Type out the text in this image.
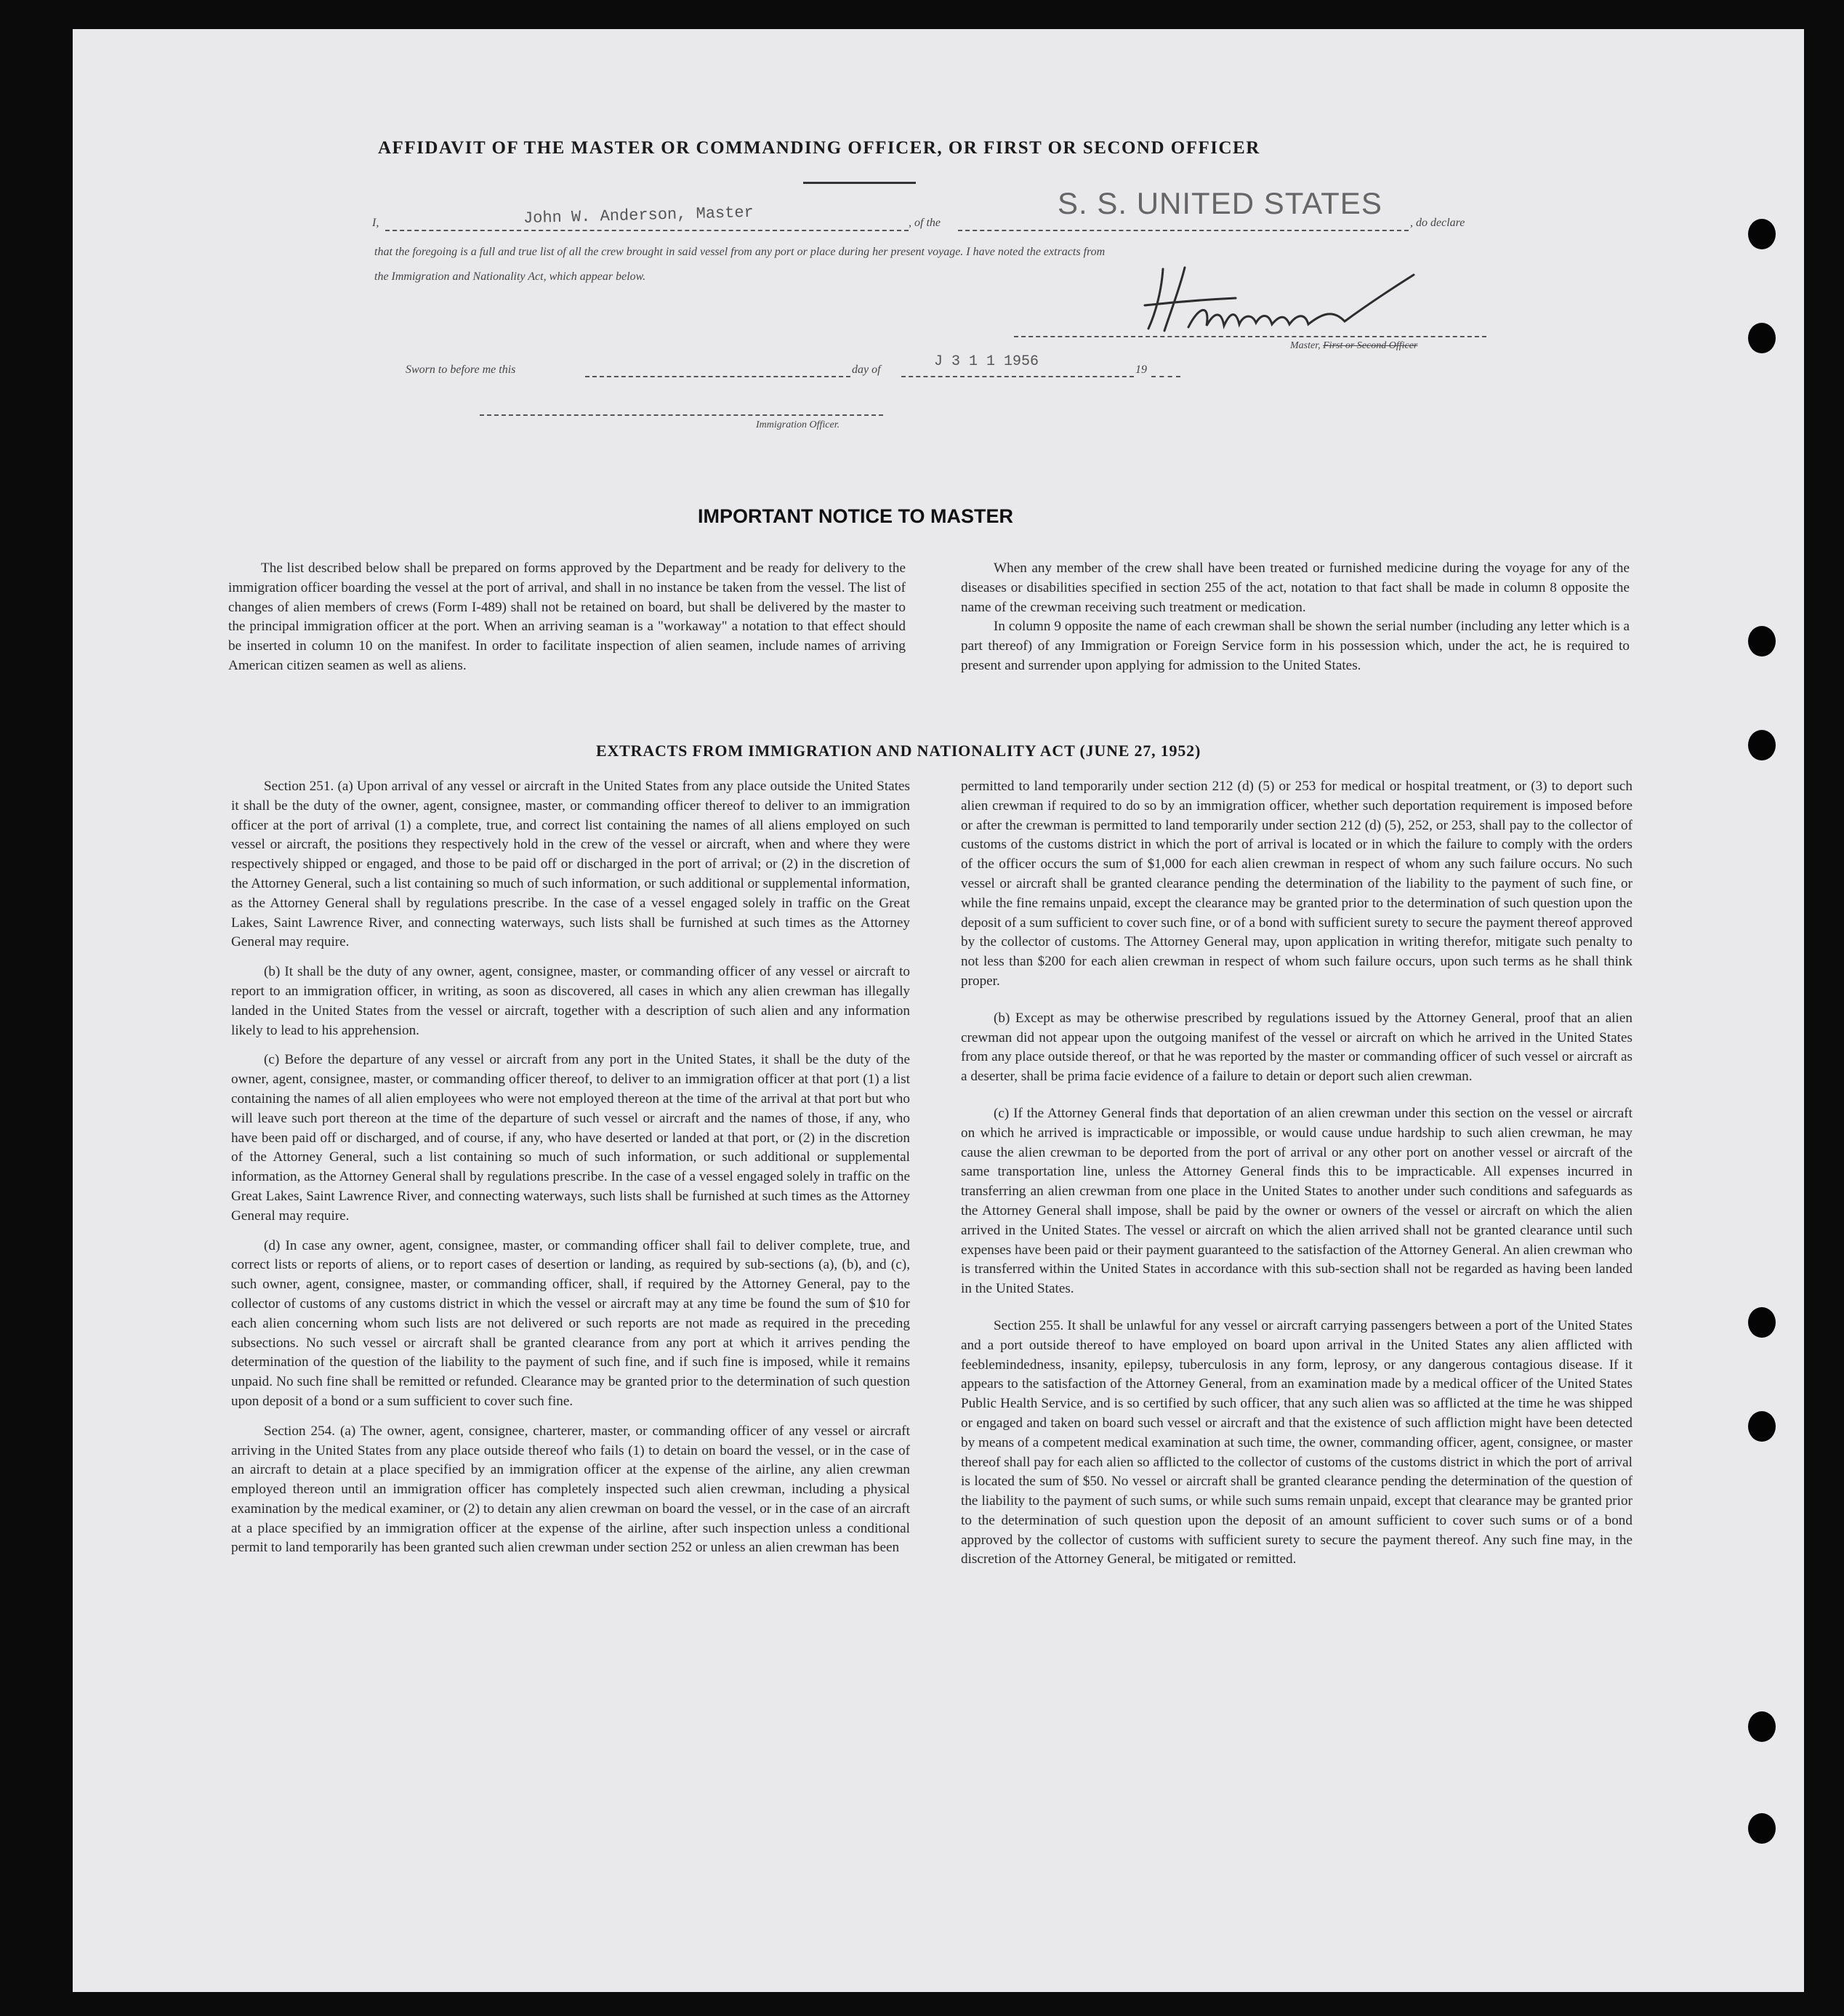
AFFIDAVIT OF THE MASTER OR COMMANDING OFFICER, OR FIRST OR SECOND OFFICER
I,	John W. Anderson, Master	, of the
S. S. UNITED STATES
, do declare
that the foregoing is a full and true list of all the crew brought in said vessel from any port or place during her present voyage. I have noted the extracts from
the Immigration and Nationality Act, which appear below.
Master, First or Second Officer
Sworn to before me this	day of	J 3 1 1 1956	19
Immigration Officer.
IMPORTANT NOTICE TO MASTER

The list described below shall be prepared on forms approved by the Department and be ready for delivery to the immigration officer boarding the vessel at the port of arrival, and shall in no instance be taken from the vessel. The list of changes of alien members of crews (Form I-489) shall not be retained on board, but shall be delivered by the master to the principal immigration officer at the port. When an arriving seaman is a "workaway" a notation to that effect should be inserted in column 10 on the manifest. In order to facilitate inspection of alien seamen, include names of arriving American citizen seamen as well as aliens.

When any member of the crew shall have been treated or furnished medicine during the voyage for any of the diseases or disabilities specified in section 255 of the act, notation to that fact shall be made in column 8 opposite the name of the crewman receiving such treatment or medication.

In column 9 opposite the name of each crewman shall be shown the serial number (including any letter which is a part thereof) of any Immigration or Foreign Service form in his possession which, under the act, he is required to present and surrender upon applying for admission to the United States.

EXTRACTS FROM IMMIGRATION AND NATIONALITY ACT (JUNE 27, 1952)

Section 251. (a) Upon arrival of any vessel or aircraft in the United States from any place outside the United States it shall be the duty of the owner, agent, consignee, master, or commanding officer thereof to deliver to an immigration officer at the port of arrival (1) a complete, true, and correct list containing the names of all aliens employed on such vessel or aircraft, the positions they respectively hold in the crew of the vessel or aircraft, when and where they were respectively shipped or engaged, and those to be paid off or discharged in the port of arrival; or (2) in the discretion of the Attorney General, such a list containing so much of such information, or such additional or supplemental information, as the Attorney General shall by regulations prescribe. In the case of a vessel engaged solely in traffic on the Great Lakes, Saint Lawrence River, and connecting waterways, such lists shall be furnished at such times as the Attorney General may require.

(b) It shall be the duty of any owner, agent, consignee, master, or commanding officer of any vessel or aircraft to report to an immigration officer, in writing, as soon as discovered, all cases in which any alien crewman has illegally landed in the United States from the vessel or aircraft, together with a description of such alien and any information likely to lead to his apprehension.

(c) Before the departure of any vessel or aircraft from any port in the United States, it shall be the duty of the owner, agent, consignee, master, or commanding officer thereof, to deliver to an immigration officer at that port (1) a list containing the names of all alien employees who were not employed thereon at the time of the arrival at that port but who will leave such port thereon at the time of the departure of such vessel or aircraft and the names of those, if any, who have been paid off or discharged, and of course, if any, who have deserted or landed at that port, or (2) in the discretion of the Attorney General, such a list containing so much of such information, or such additional or supplemental information, as the Attorney General shall by regulations prescribe. In the case of a vessel engaged solely in traffic on the Great Lakes, Saint Lawrence River, and connecting waterways, such lists shall be furnished at such times as the Attorney General may require.

(d) In case any owner, agent, consignee, master, or commanding officer shall fail to deliver complete, true, and correct lists or reports of aliens, or to report cases of desertion or landing, as required by sub-sections (a), (b), and (c), such owner, agent, consignee, master, or commanding officer, shall, if required by the Attorney General, pay to the collector of customs of any customs district in which the vessel or aircraft may at any time be found the sum of $10 for each alien concerning whom such lists are not delivered or such reports are not made as required in the preceding subsections. No such vessel or aircraft shall be granted clearance from any port at which it arrives pending the determination of the question of the liability to the payment of such fine, and if such fine is imposed, while it remains unpaid. No such fine shall be remitted or refunded. Clearance may be granted prior to the determination of such question upon deposit of a bond or a sum sufficient to cover such fine.

Section 254. (a) The owner, agent, consignee, charterer, master, or commanding officer of any vessel or aircraft arriving in the United States from any place outside thereof who fails (1) to detain on board the vessel, or in the case of an aircraft to detain at a place specified by an immigration officer at the expense of the airline, any alien crewman employed thereon until an immigration officer has completely inspected such alien crewman, including a physical examination by the medical examiner, or (2) to detain any alien crewman on board the vessel, or in the case of an aircraft at a place specified by an immigration officer at the expense of the airline, after such inspection unless a conditional permit to land temporarily has been granted such alien crewman under section 252 or unless an alien crewman has been

permitted to land temporarily under section 212 (d) (5) or 253 for medical or hospital treatment, or (3) to deport such alien crewman if required to do so by an immigration officer, whether such deportation requirement is imposed before or after the crewman is permitted to land temporarily under section 212 (d) (5), 252, or 253, shall pay to the collector of customs of the customs district in which the port of arrival is located or in which the failure to comply with the orders of the officer occurs the sum of $1,000 for each alien crewman in respect of whom any such failure occurs. No such vessel or aircraft shall be granted clearance pending the determination of the liability to the payment of such fine, or while the fine remains unpaid, except the clearance may be granted prior to the determination of such question upon the deposit of a sum sufficient to cover such fine, or of a bond with sufficient surety to secure the payment thereof approved by the collector of customs. The Attorney General may, upon application in writing therefor, mitigate such penalty to not less than $200 for each alien crewman in respect of whom such failure occurs, upon such terms as he shall think proper.

(b) Except as may be otherwise prescribed by regulations issued by the Attorney General, proof that an alien crewman did not appear upon the outgoing manifest of the vessel or aircraft on which he arrived in the United States from any place outside thereof, or that he was reported by the master or commanding officer of such vessel or aircraft as a deserter, shall be prima facie evidence of a failure to detain or deport such alien crewman.

(c) If the Attorney General finds that deportation of an alien crewman under this section on the vessel or aircraft on which he arrived is impracticable or impossible, or would cause undue hardship to such alien crewman, he may cause the alien crewman to be deported from the port of arrival or any other port on another vessel or aircraft of the same transportation line, unless the Attorney General finds this to be impracticable. All expenses incurred in transferring an alien crewman from one place in the United States to another under such conditions and safeguards as the Attorney General shall impose, shall be paid by the owner or owners of the vessel or aircraft on which the alien arrived in the United States. The vessel or aircraft on which the alien arrived shall not be granted clearance until such expenses have been paid or their payment guaranteed to the satisfaction of the Attorney General. An alien crewman who is transferred within the United States in accordance with this sub-section shall not be regarded as having been landed in the United States.

Section 255. It shall be unlawful for any vessel or aircraft carrying passengers between a port of the United States and a port outside thereof to have employed on board upon arrival in the United States any alien afflicted with feeblemindedness, insanity, epilepsy, tuberculosis in any form, leprosy, or any dangerous contagious disease. If it appears to the satisfaction of the Attorney General, from an examination made by a medical officer of the United States Public Health Service, and is so certified by such officer, that any such alien was so afflicted at the time he was shipped or engaged and taken on board such vessel or aircraft and that the existence of such affliction might have been detected by means of a competent medical examination at such time, the owner, commanding officer, agent, consignee, or master thereof shall pay for each alien so afflicted to the collector of customs of the customs district in which the port of arrival is located the sum of $50. No vessel or aircraft shall be granted clearance pending the determination of the question of the liability to the payment of such sums, or while such sums remain unpaid, except that clearance may be granted prior to the determination of such question upon the deposit of an amount sufficient to cover such sums or of a bond approved by the collector of customs with sufficient surety to secure the payment thereof. Any such fine may, in the discretion of the Attorney General, be mitigated or remitted.
